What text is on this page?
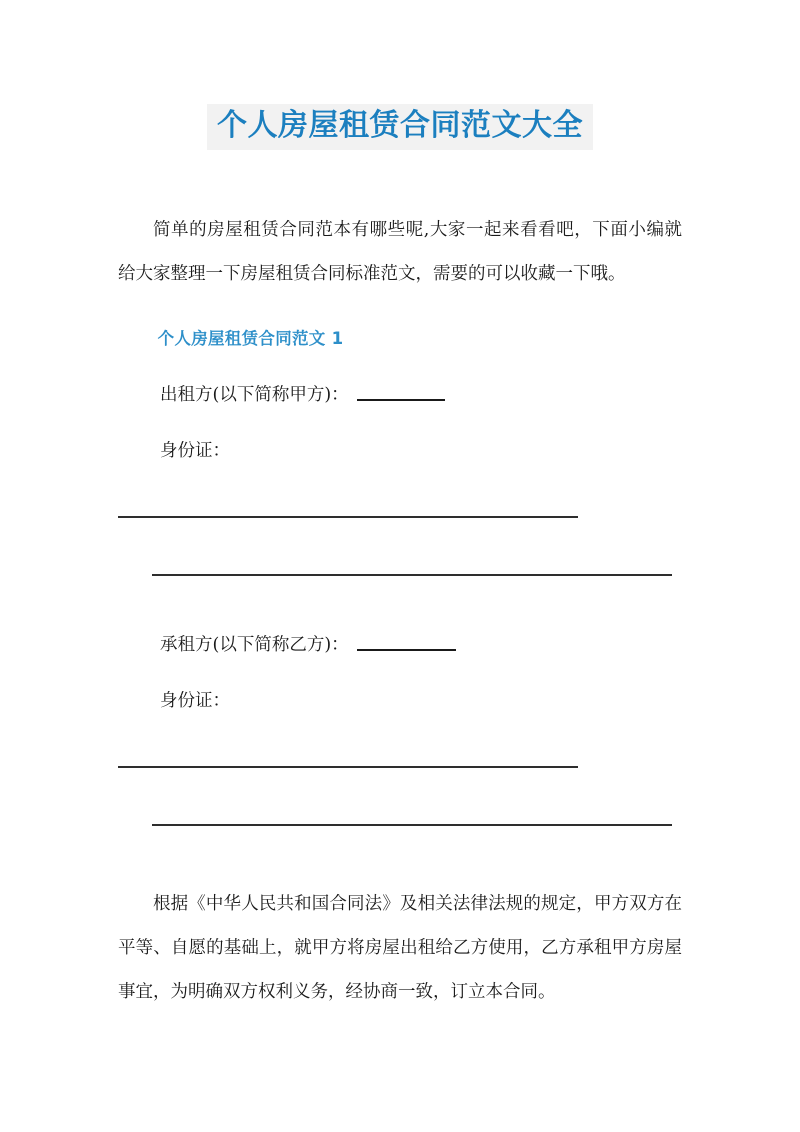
个人房屋租赁合同范文大全

简单的房屋租赁合同范本有哪些呢,大家一起来看看吧，下面小编就给大家整理一下房屋租赁合同标准范文，需要的可以收藏一下哦。

个人房屋租赁合同范文 1

出租方(以下简称甲方)：

身份证：

承租方(以下简称乙方)：

身份证：

根据《中华人民共和国合同法》及相关法律法规的规定，甲方双方在平等、自愿的基础上，就甲方将房屋出租给乙方使用，乙方承租甲方房屋事宜，为明确双方权利义务，经协商一致，订立本合同。
